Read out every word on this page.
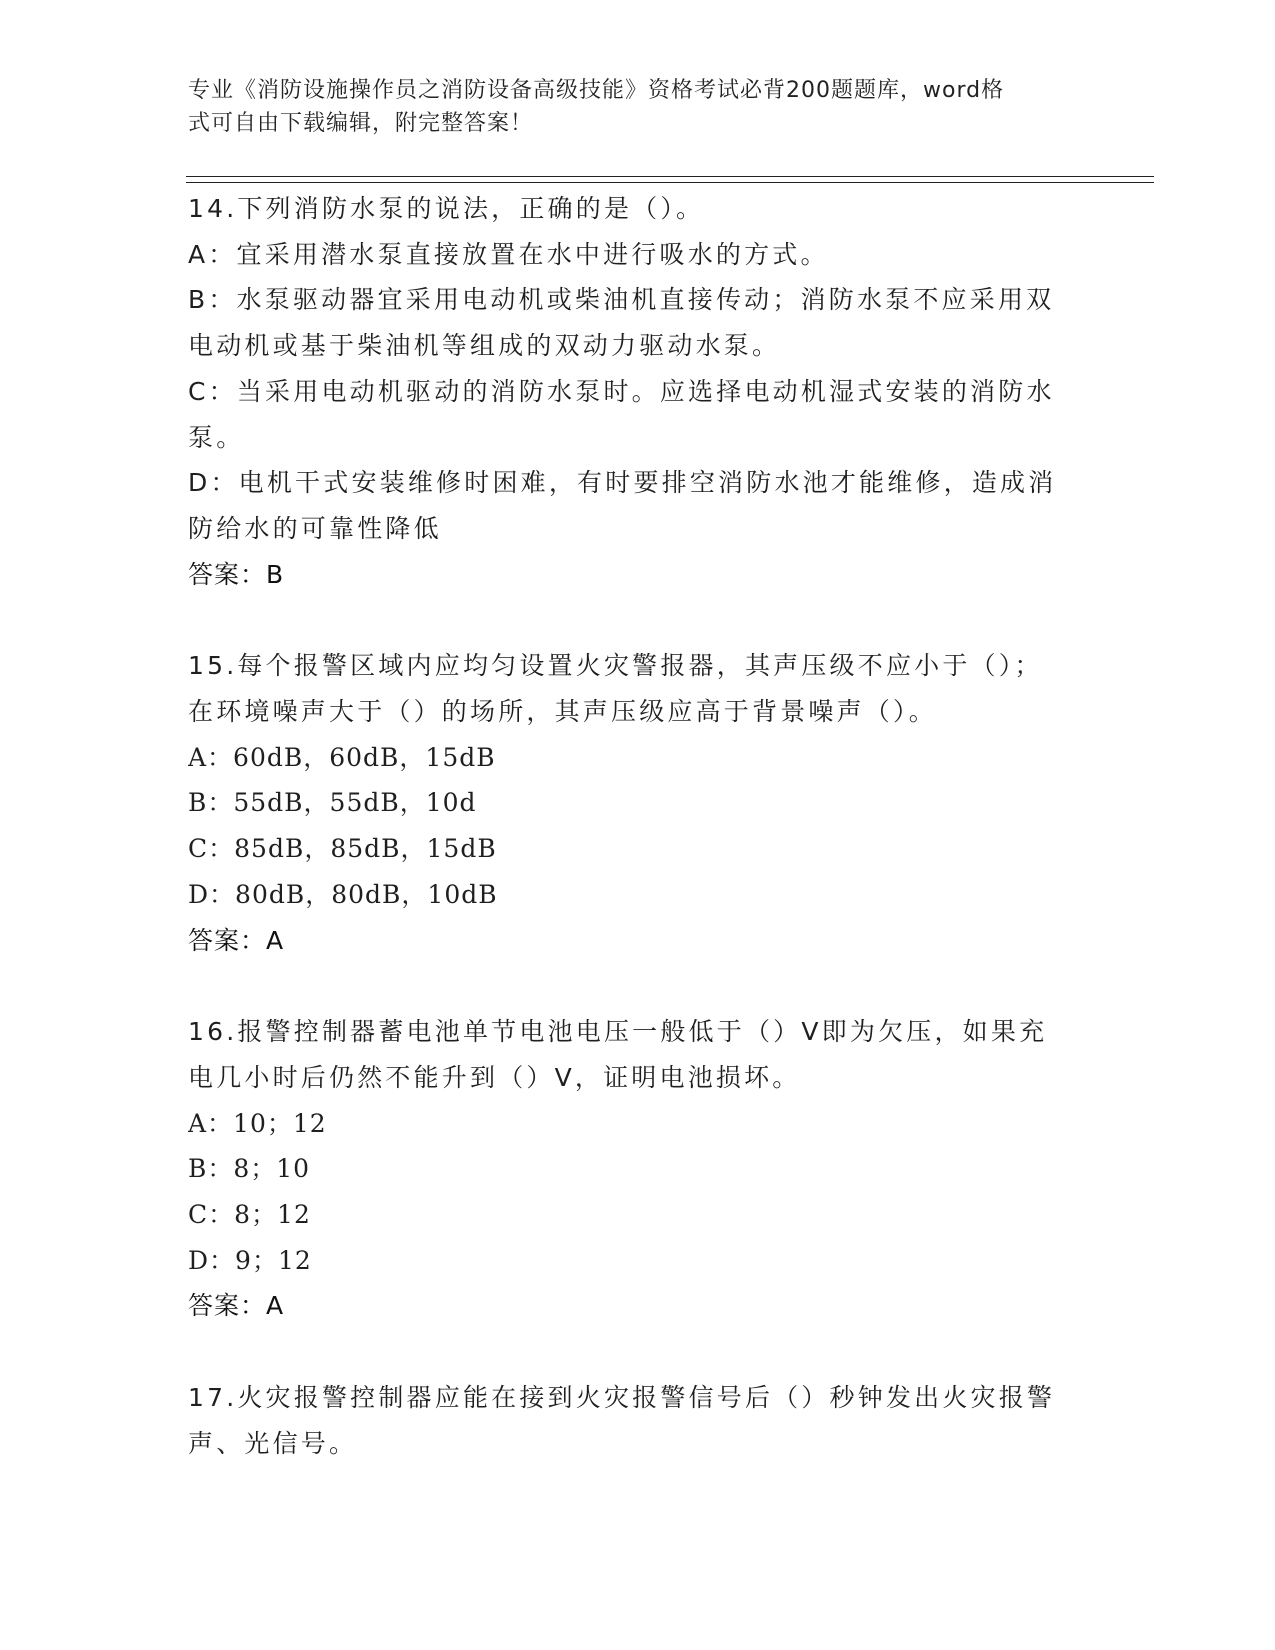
专业《消防设施操作员之消防设备高级技能》资格考试必背200题题库，word格
式可自由下载编辑，附完整答案！
14.下列消防水泵的说法，正确的是（）。
A：宜采用潜水泵直接放置在水中进行吸水的方式。
B：水泵驱动器宜采用电动机或柴油机直接传动；消防水泵不应采用双
电动机或基于柴油机等组成的双动力驱动水泵。
C：当采用电动机驱动的消防水泵时。应选择电动机湿式安装的消防水
泵。
D：电机干式安装维修时困难，有时要排空消防水池才能维修，造成消
防给水的可靠性降低
答案：B
15.每个报警区域内应均匀设置火灾警报器，其声压级不应小于（）；
在环境噪声大于（）的场所，其声压级应高于背景噪声（）。
A：60dB，60dB，15dB
B：55dB，55dB，10d
C：85dB，85dB，15dB
D：80dB，80dB，10dB
答案：A
16.报警控制器蓄电池单节电池电压一般低于（）V即为欠压，如果充
电几小时后仍然不能升到（）V，证明电池损坏。
A：10；12
B：8；10
C：8；12
D：9；12
答案：A
17.火灾报警控制器应能在接到火灾报警信号后（）秒钟发出火灾报警
声、光信号。
